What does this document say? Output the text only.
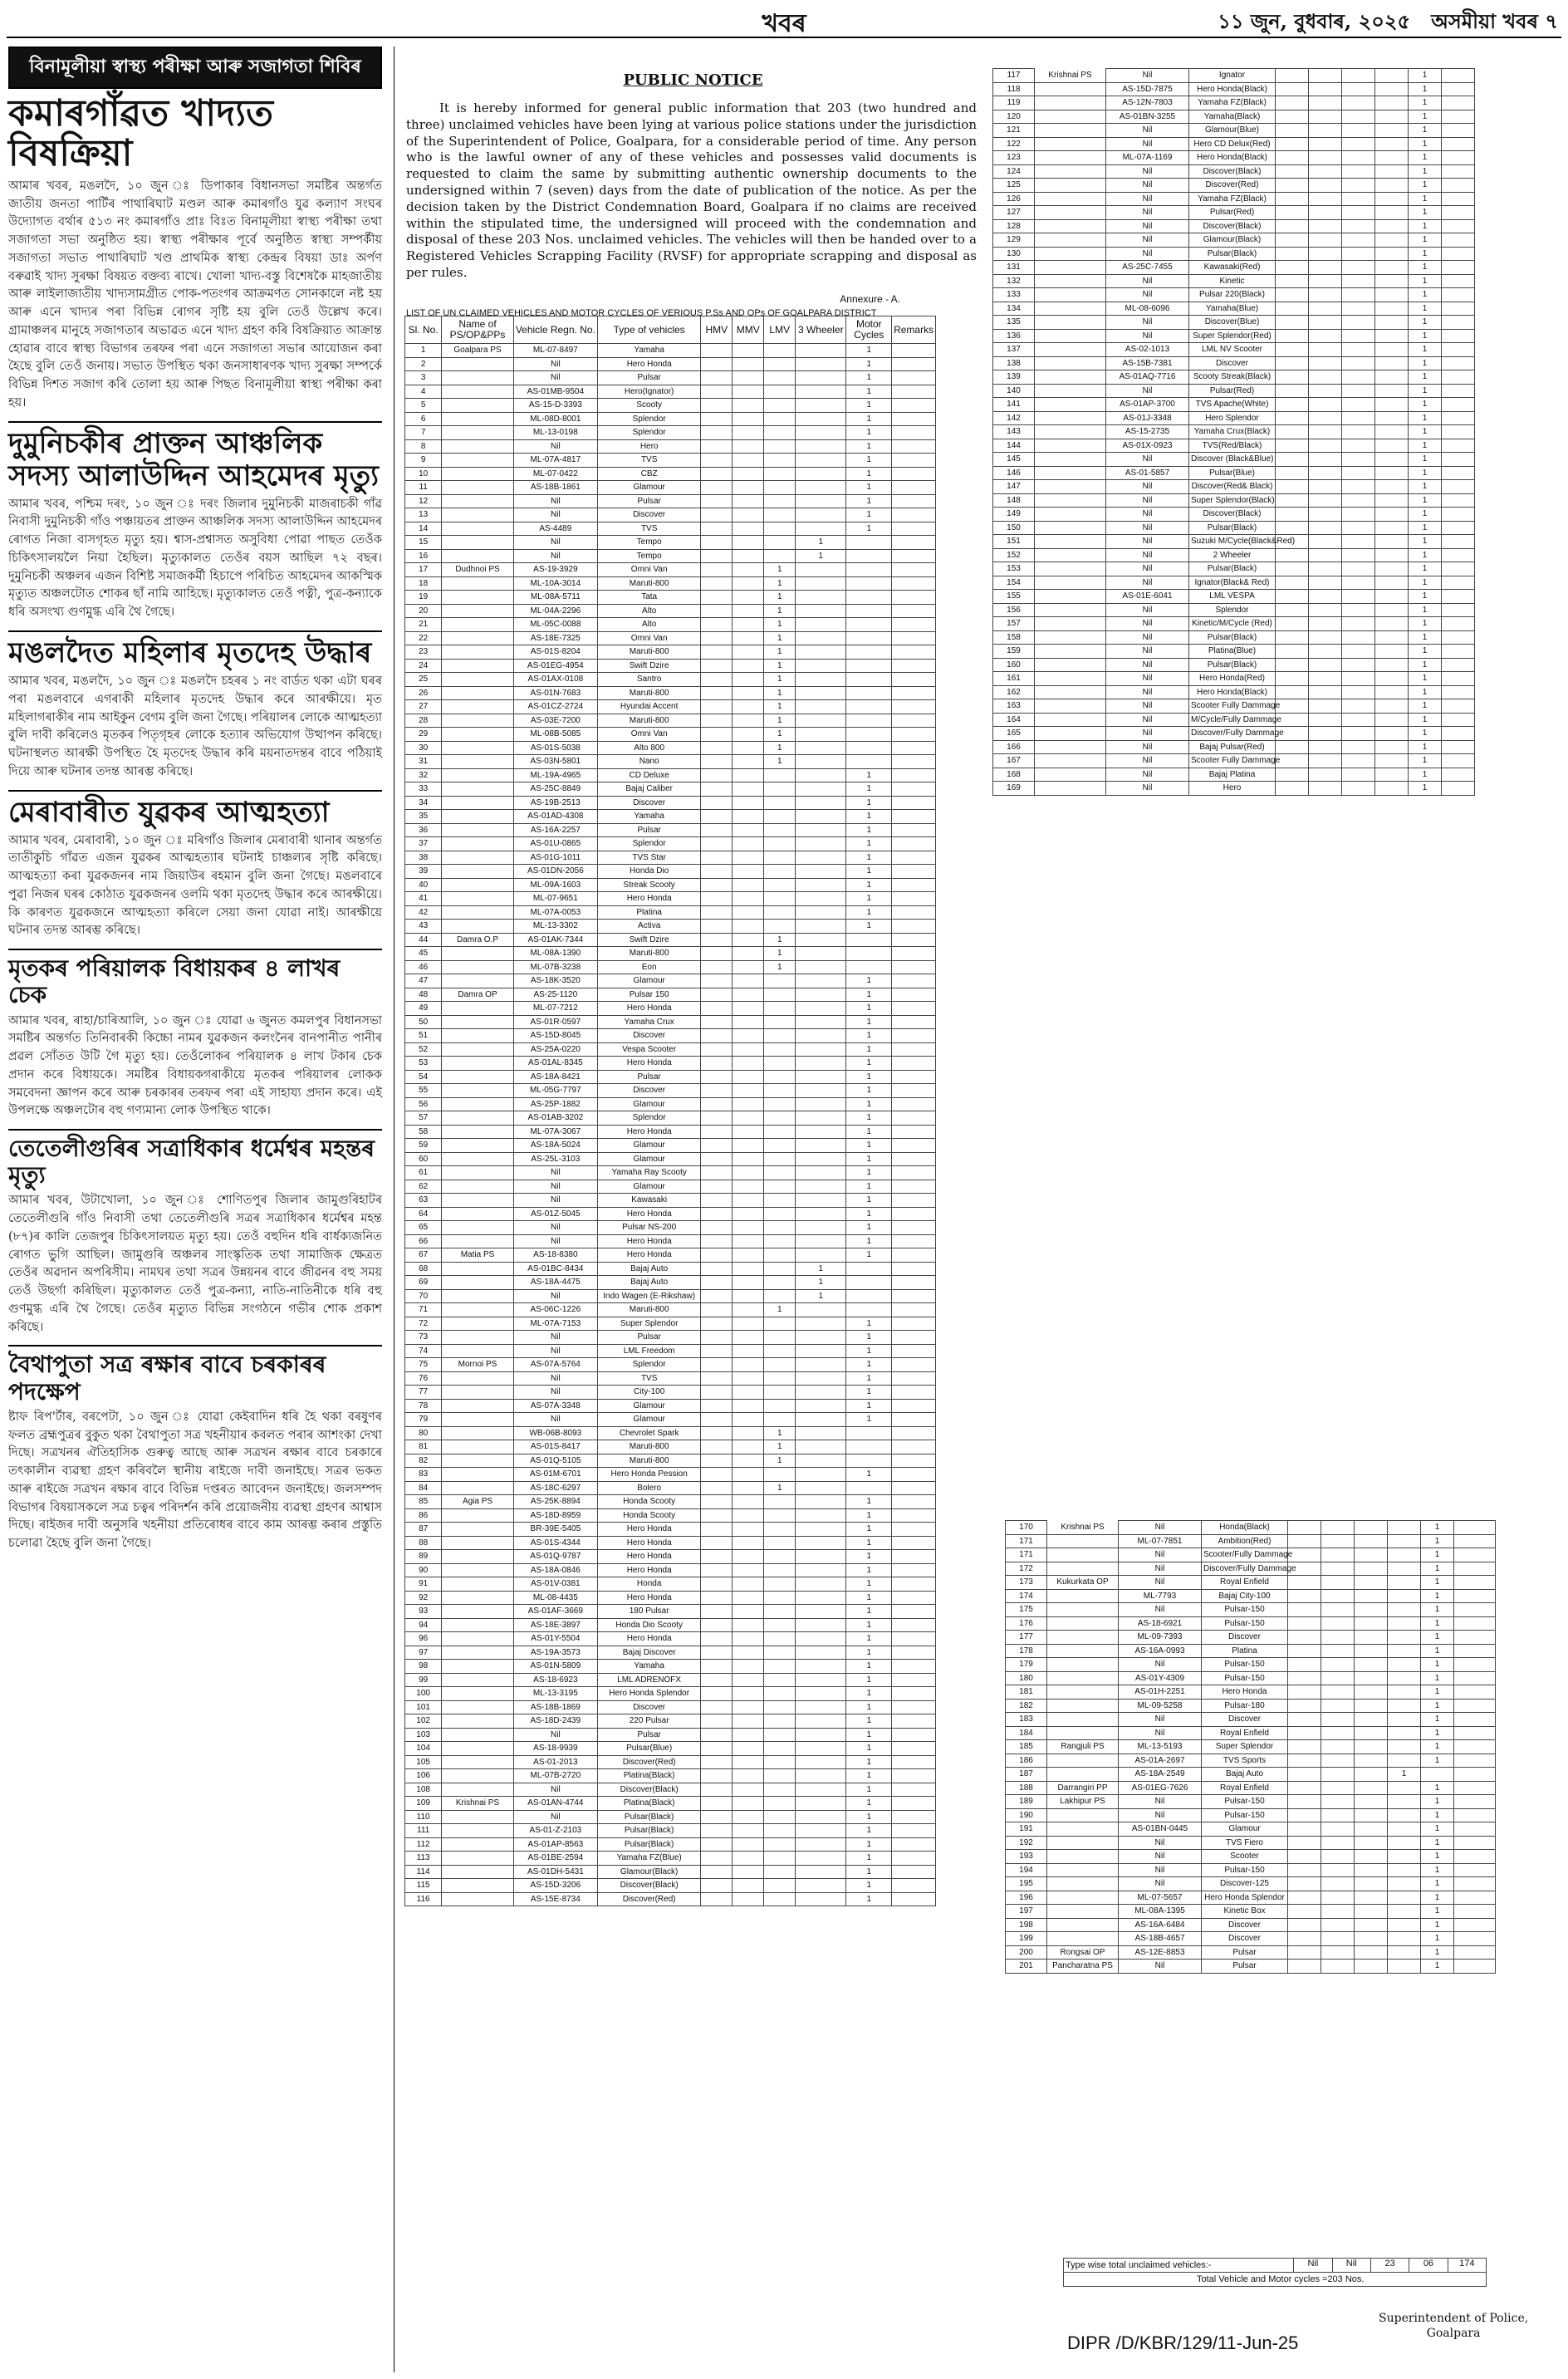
খবৰ	১১ জুন, বুধবাৰ, ২০২৫ অসমীয়া খবৰ ৭
বিনামূলীয়া স্বাস্থ্য পৰীক্ষা আৰু সজাগতা শিবিৰ
কমাৰগাঁৱত খাদ্যত বিষক্ৰিয়া

আমাৰ খবৰ, মঙলদৈ, ১০ জুন ঃ ডিপাকাৰ বিধানসভা সমষ্টিৰ অন্তৰ্গত জাতীয় জনতা পাৰ্টিৰ পাথাৰিঘাট মণ্ডল আৰু কমাৰগাঁও যুৱ কল্যাণ সংঘৰ উদ্যোগত বৰ্থাৰ ৫১৩ নং কমাৰগাঁও প্ৰাঃ বিঃত বিনামূলীয়া স্বাস্থ্য পৰীক্ষা তথা সজাগতা সভা অনুষ্ঠিত হয়। স্বাস্থ্য পৰীক্ষাৰ পূৰ্বে অনুষ্ঠিত স্বাস্থ্য সম্পৰ্কীয় সজাগতা সভাত পাথাৰিঘাট খণ্ড প্ৰাথমিক স্বাস্থ্য কেন্দ্ৰৰ বিষয়া ডাঃ অৰ্পণ বৰুৱাই খাদ্য সুৰক্ষা বিষয়ত বক্তব্য ৰাখে। খোলা খাদ্য-বস্তু বিশেষকৈ মাহজাতীয় আৰু লাইলাজাতীয় খাদ্যসামগ্ৰীত পোক-পতংগৰ আক্ৰমণত সোনকালে নষ্ট হয় আৰু এনে খাদ্যৰ পৰা বিভিন্ন ৰোগৰ সৃষ্টি হয় বুলি তেওঁ উল্লেখ কৰে। গ্ৰামাঞ্চলৰ মানুহে সজাগতাৰ অভাৱত এনে খাদ্য গ্ৰহণ কৰি বিষক্ৰিয়াত আক্ৰান্ত হোৱাৰ বাবে স্বাস্থ্য বিভাগৰ তৰফৰ পৰা এনে সজাগতা সভাৰ আয়োজন কৰা হৈছে বুলি তেওঁ জনায়। সভাত উপস্থিত থকা জনসাধাৰণক খাদ্য সুৰক্ষা সম্পৰ্কে বিভিন্ন দিশত সজাগ কৰি তোলা হয় আৰু পিছত বিনামূলীয়া স্বাস্থ্য পৰীক্ষা কৰা হয়।

দুমুনিচকীৰ প্ৰাক্তন আঞ্চলিক সদস্য আলাউদ্দিন আহমেদৰ মৃত্যু

আমাৰ খবৰ, পশ্চিম দৰং, ১০ জুন ঃ দৰং জিলাৰ দুমুনিচকী মাজৰাচকী গাঁৱ নিবাসী দুমুনিচকী গাঁও পঞ্চায়তৰ প্ৰাক্তন আঞ্চলিক সদস্য আলাউদ্দিন আহমেদৰ ৰোগত নিজা বাসগৃহত মৃত্যু হয়। শ্বাস-প্ৰশ্বাসত অসুবিধা পোৱা পাছত তেওঁক চিকিৎসালয়লৈ নিয়া হৈছিল। মৃত্যুকালত তেওঁৰ বয়স আছিল ৭২ বছৰ। দুমুনিচকী অঞ্চলৰ এজন বিশিষ্ট সমাজকৰ্মী হিচাপে পৰিচিত আহমেদৰ আকস্মিক মৃত্যুত অঞ্চলটোত শোকৰ ছাঁ নামি আহিছে। মৃত্যুকালত তেওঁ পত্নী, পুত্ৰ-কন্যাকে ধৰি অসংখ্য গুণমুগ্ধ এৰি থৈ গৈছে।

মঙলদৈত মহিলাৰ মৃতদেহ উদ্ধাৰ

আমাৰ খবৰ, মঙলদৈ, ১০ জুন ঃ মঙলদৈ চহৰৰ ১ নং বাৰ্ডত থকা এটা ঘৰৰ পৰা মঙলবাৰে এগৰাকী মহিলাৰ মৃতদেহ উদ্ধাৰ কৰে আৰক্ষীয়ে। মৃত মহিলাগৰাকীৰ নাম আইকুন বেগম বুলি জনা গৈছে। পৰিয়ালৰ লোকে আত্মহত্যা বুলি দাবী কৰিলেও মৃতকৰ পিতৃগৃহৰ লোকে হত্যাৰ অভিযোগ উত্থাপন কৰিছে। ঘটনাস্থলত আৰক্ষী উপস্থিত হৈ মৃতদেহ উদ্ধাৰ কৰি ময়নাতদন্তৰ বাবে পঠিয়াই দিয়ে আৰু ঘটনাৰ তদন্ত আৰম্ভ কৰিছে।

মেৰাবাৰীত যুৱকৰ আত্মহত্যা

আমাৰ খবৰ, মেৰাবাৰী, ১০ জুন ঃ মৰিগাঁও জিলাৰ মেৰাবাৰী থানাৰ অন্তৰ্গত তাতীকুচি গাঁৱত এজন যুৱকৰ আত্মহত্যাৰ ঘটনাই চাঞ্চল্যৰ সৃষ্টি কৰিছে। আত্মহত্যা কৰা যুৱকজনৰ নাম জিয়াউৰ ৰহমান বুলি জনা গৈছে। মঙলবাৰে পুৱা নিজৰ ঘৰৰ কোঠাত যুৱকজনৰ ওলমি থকা মৃতদেহ উদ্ধাৰ কৰে আৰক্ষীয়ে। কি কাৰণত যুৱকজনে আত্মহত্যা কৰিলে সেয়া জনা যোৱা নাই। আৰক্ষীয়ে ঘটনাৰ তদন্ত আৰম্ভ কৰিছে।

মৃতকৰ পৰিয়ালক বিধায়কৰ ৪ লাখৰ চেক

আমাৰ খবৰ, ৰাহা/চাৰিআলি, ১০ জুন ঃ যোৱা ৬ জুনত কমলপুৰ বিধানসভা সমষ্টিৰ অন্তৰ্গত তিনিবাৰকী কিচ্চো নামৰ যুৱকজন কলংনৈৰ বানপানীত পানীৰ প্ৰৱল সোঁতত উটি গৈ মৃত্যু হয়। তেওঁলোকৰ পৰিয়ালক ৪ লাখ টকাৰ চেক প্ৰদান কৰে বিধায়কে। সমষ্টিৰ বিধায়কগৰাকীয়ে মৃতকৰ পৰিয়ালৰ লোকক সমবেদনা জ্ঞাপন কৰে আৰু চৰকাৰৰ তৰফৰ পৰা এই সাহায্য প্ৰদান কৰে। এই উপলক্ষে অঞ্চলটোৰ বহু গণ্যমান্য লোক উপস্থিত থাকে।

তেতেলীগুৰিৰ সত্ৰাধিকাৰ ধৰ্মেশ্বৰ মহন্তৰ মৃত্যু

আমাৰ খবৰ, উটাখোলা, ১০ জুন ঃ শোণিতপুৰ জিলাৰ জামুগুৰিহাটৰ তেতেলীগুৰি গাঁও নিবাসী তথা তেতেলীগুৰি সত্ৰৰ সত্ৰাধিকাৰ ধৰ্মেশ্বৰ মহন্ত (৮৭)ৰ কালি তেজপুৰ চিকিৎসালয়ত মৃত্যু হয়। তেওঁ বহুদিন ধৰি বাৰ্ধক্যজনিত ৰোগত ভুগি আছিল। জামুগুৰি অঞ্চলৰ সাংস্কৃতিক তথা সামাজিক ক্ষেত্ৰত তেওঁৰ অৱদান অপৰিসীম। নামঘৰ তথা সত্ৰৰ উন্নয়নৰ বাবে জীৱনৰ বহু সময় তেওঁ উছৰ্গা কৰিছিল। মৃত্যুকালত তেওঁ পুত্ৰ-কন্যা, নাতি-নাতিনীকে ধৰি বহু গুণমুগ্ধ এৰি থৈ গৈছে। তেওঁৰ মৃত্যুত বিভিন্ন সংগঠনে গভীৰ শোক প্ৰকাশ কৰিছে।

বৈথাপুতা সত্ৰ ৰক্ষাৰ বাবে চৰকাৰৰ পদক্ষেপ

ষ্টাফ ৰিপ'ৰ্টাৰ, বৰপেটা, ১০ জুন ঃ যোৱা কেইবাদিন ধৰি হৈ থকা বৰষুণৰ ফলত ব্ৰহ্মপুত্ৰৰ বুকুত থকা বৈথাপুতা সত্ৰ খহনীয়াৰ কবলত পৰাৰ আশংকা দেখা দিছে। সত্ৰখনৰ ঐতিহাসিক গুৰুত্ব আছে আৰু সত্ৰখন ৰক্ষাৰ বাবে চৰকাৰে তৎকালীন ব্যৱস্থা গ্ৰহণ কৰিবলৈ স্থানীয় ৰাইজে দাবী জনাইছে। সত্ৰৰ ভকত আৰু ৰাইজে সত্ৰখন ৰক্ষাৰ বাবে বিভিন্ন দপ্তৰত আবেদন জনাইছে। জলসম্পদ বিভাগৰ বিষয়াসকলে সত্ৰ চত্বৰ পৰিদৰ্শন কৰি প্ৰয়োজনীয় ব্যৱস্থা গ্ৰহণৰ আশ্বাস দিছে। ৰাইজৰ দাবী অনুসৰি খহনীয়া প্ৰতিৰোধৰ বাবে কাম আৰম্ভ কৰাৰ প্ৰস্তুতি চলোৱা হৈছে বুলি জনা গৈছে।

PUBLIC NOTICE

It is hereby informed for general public information that 203 (two hundred and three) unclaimed vehicles have been lying at various police stations under the jurisdiction of the Superintendent of Police, Goalpara, for a considerable period of time. Any person who is the lawful owner of any of these vehicles and possesses valid documents is requested to claim the same by submitting authentic ownership documents to the undersigned within 7 (seven) days from the date of publication of the notice. As per the decision taken by the District Condemnation Board, Goalpara if no claims are received within the stipulated time, the undersigned will proceed with the condemnation and disposal of these 203 Nos. unclaimed vehicles. The vehicles will then be handed over to a Registered Vehicles Scrapping Facility (RVSF) for appropriate scrapping and disposal as per rules.

Annexure - A.
LIST OF UN CLAIMED VEHICLES AND MOTOR CYCLES OF VERIOUS P.Ss AND OPs OF GOALPARA DISTRICT
Sl. No.	Name of PS/OP&PPs	Vehicle Regn. No.	Type of vehicles	HMV	MMV	LMV	3 Wheeler	Motor Cycles	Remarks
1	Goalpara PS	ML-07-8497	Yamaha					1	
2		Nil	Hero Honda					1	
3		Nil	Pulsar					1	
4		AS-01MB-9504	Hero(Ignator)					1	
5		AS-15-D-3393	Scooty					1	
6		ML-08D-8001	Splendor					1	
7		ML-13-0198	Splendor					1	
8		Nil	Hero					1	
9		ML-07A-4817	TVS					1	
10		ML-07-0422	CBZ					1	
11		AS-18B-1861	Glamour					1	
12		Nil	Pulsar					1	
13		Nil	Discover					1	
14		AS-4489	TVS					1	
15		Nil	Tempo				1		
16		Nil	Tempo				1		
17	Dudhnoi PS	AS-19-3929	Omni Van			1			
18		ML-10A-3014	Maruti-800			1			
19		ML-08A-5711	Tata			1			
20		ML-04A-2296	Alto			1			
21		ML-05C-0088	Alto			1			
22		AS-18E-7325	Omni Van			1			
23		AS-01S-8204	Maruti-800			1			
24		AS-01EG-4954	Swift Dzire			1			
25		AS-01AX-0108	Santro			1			
26		AS-01N-7683	Maruti-800			1			
27		AS-01CZ-2724	Hyundai Accent			1			
28		AS-03E-7200	Maruti-800			1			
29		ML-08B-5085	Omni Van			1			
30		AS-01S-5038	Alto 800			1			
31		AS-03N-5801	Nano			1			
32		ML-19A-4965	CD Deluxe					1	
33		AS-25C-8849	Bajaj Caliber					1	
34		AS-19B-2513	Discover					1	
35		AS-01AD-4308	Yamaha					1	
36		AS-16A-2257	Pulsar					1	
37		AS-01U-0865	Splendor					1	
38		AS-01G-1011	TVS Star					1	
39		AS-01DN-2056	Honda Dio					1	
40		ML-09A-1603	Streak Scooty					1	
41		ML-07-9651	Hero Honda					1	
42		ML-07A-0053	Platina					1	
43		ML-13-3302	Activa					1	
44	Damra O.P	AS-01AK-7344	Swift Dzire			1			
45		ML-08A-1390	Maruti-800			1			
46		ML-07B-3238	Eon			1			
47		AS-18K-3520	Glamour					1	
48	Damra OP	AS-25-1120	Pulsar 150					1	
49		ML-07-7212	Hero Honda					1	
50		AS-01R-0597	Yamaha Crux					1	
51		AS-15D-8045	Discover					1	
52		AS-25A-0220	Vespa Scooter					1	
53		AS-01AL-8345	Hero Honda					1	
54		AS-18A-8421	Pulsar					1	
55		ML-05G-7797	Discover					1	
56		AS-25P-1882	Glamour					1	
57		AS-01AB-3202	Splendor					1	
58		ML-07A-3067	Hero Honda					1	
59		AS-18A-5024	Glamour					1	
60		AS-25L-3103	Glamour					1	
61		Nil	Yamaha Ray Scooty					1	
62		Nil	Glamour					1	
63		Nil	Kawasaki					1	
64		AS-01Z-5045	Hero Honda					1	
65		Nil	Pulsar NS-200					1	
66		Nil	Hero Honda					1	
67	Matia PS	AS-18-8380	Hero Honda					1	
68		AS-01BC-8434	Bajaj Auto				1		
69		AS-18A-4475	Bajaj Auto				1		
70		Nil	Indo Wagen (E-Rikshaw)				1		
71		AS-06C-1226	Maruti-800			1			
72		ML-07A-7153	Super Splendor					1	
73		Nil	Pulsar					1	
74		Nil	LML Freedom					1	
75	Mornoi PS	AS-07A-5764	Splendor					1	
76		Nil	TVS					1	
77		Nil	City-100					1	
78		AS-07A-3348	Glamour					1	
79		Nil	Glamour					1	
80		WB-06B-8093	Chevrolet Spark			1			
81		AS-01S-8417	Maruti-800			1			
82		AS-01Q-5105	Maruti-800			1			
83		AS-01M-6701	Hero Honda Pession					1	
84		AS-18C-6297	Bolero			1			
85	Agia PS	AS-25K-8894	Honda Scooty					1	
86		AS-18D-8959	Honda Scooty					1	
87		BR-39E-5405	Hero Honda					1	
88		AS-01S-4344	Hero Honda					1	
89		AS-01Q-9787	Hero Honda					1	
90		AS-18A-0846	Hero Honda					1	
91		AS-01V-0381	Honda					1	
92		ML-08-4435	Hero Honda					1	
93		AS-01AF-3669	180 Pulsar					1	
94		AS-18E-3897	Honda Dio Scooty					1	
96		AS-01Y-5504	Hero Honda					1	
97		AS-19A-3573	Bajaj Discover					1	
98		AS-01N-5809	Yamaha					1	
99		AS-18-6923	LML ADRENOFX					1	
100		ML-13-3195	Hero Honda Splendor					1	
101		AS-18B-1869	Discover					1	
102		AS-18D-2439	220 Pulsar					1	
103		Nil	Pulsar					1	
104		AS-18-9939	Pulsar(Blue)					1	
105		AS-01-2013	Discover(Red)					1	
106		ML-07B-2720	Platina(Black)					1	
108		Nil	Discover(Black)					1	
109	Krishnai PS	AS-01AN-4744	Platina(Black)					1	
110		Nil	Pulsar(Black)					1	
111		AS-01-Z-2103	Pulsar(Black)					1	
112		AS-01AP-8563	Pulsar(Black)					1	
113		AS-01BE-2594	Yamaha FZ(Blue)					1	
114		AS-01DH-5431	Glamour(Black)					1	
115		AS-15D-3206	Discover(Black)					1	
116		AS-15E-8734	Discover(Red)					1	
117	Krishnai PS	Nil	Ignator					1	
118		AS-15D-7875	Hero Honda(Black)					1	
119		AS-12N-7803	Yamaha FZ(Black)					1	
120		AS-01BN-3255	Yamaha(Black)					1	
121		Nil	Glamour(Blue)					1	
122		Nil	Hero CD Delux(Red)					1	
123		ML-07A-1169	Hero Honda(Black)					1	
124		Nil	Discover(Black)					1	
125		Nil	Discover(Red)					1	
126		Nil	Yamaha FZ(Black)					1	
127		Nil	Pulsar(Red)					1	
128		Nil	Discover(Black)					1	
129		Nil	Glamour(Black)					1	
130		Nil	Pulsar(Black)					1	
131		AS-25C-7455	Kawasaki(Red)					1	
132		Nil	Kinetic					1	
133		Nil	Pulsar 220(Black)					1	
134		ML-08-6096	Yamaha(Blue)					1	
135		Nil	Discover(Blue)					1	
136		Nil	Super Splendor(Red)					1	
137		AS-02-1013	LML NV Scooter					1	
138		AS-15B-7381	Discover					1	
139		AS-01AQ-7716	Scooty Streak(Black)					1	
140		Nil	Pulsar(Red)					1	
141		AS-01AP-3700	TVS Apache(White)					1	
142		AS-01J-3348	Hero Splendor					1	
143		AS-15-2735	Yamaha Crux(Black)					1	
144		AS-01X-0923	TVS(Red/Black)					1	
145		Nil	Discover (Black&Blue)					1	
146		AS-01-5857	Pulsar(Blue)					1	
147		Nil	Discover(Red& Black)					1	
148		Nil	Super Splendor(Black)					1	
149		Nil	Discover(Black)					1	
150		Nil	Pulsar(Black)					1	
151		Nil	Suzuki M/Cycle(Black&Red)					1	
152		Nil	2 Wheeler					1	
153		Nil	Pulsar(Black)					1	
154		Nil	Ignator(Black& Red)					1	
155		AS-01E-6041	LML VESPA					1	
156		Nil	Splendor					1	
157		Nil	Kinetic/M/Cycle (Red)					1	
158		Nil	Pulsar(Black)					1	
159		Nil	Platina(Blue)					1	
160		Nil	Pulsar(Black)					1	
161		Nil	Hero Honda(Red)					1	
162		Nil	Hero Honda(Black)					1	
163		Nil	Scooter Fully Dammage					1	
164		Nil	M/Cycle/Fully Dammage					1	
165		Nil	Discover/Fully Dammage					1	
166		Nil	Bajaj Pulsar(Red)					1	
167		Nil	Scooter Fully Dammage					1	
168		Nil	Bajaj Platina					1	
169		Nil	Hero					1	
170	Krishnai PS	Nil	Honda(Black)					1	
171		ML-07-7851	Ambition(Red)					1	
171		Nil	Scooter/Fully Dammage					1	
172		Nil	Discover/Fully Dammage					1	
173	Kukurkata OP	Nil	Royal Enfield					1	
174		ML-7793	Bajaj City-100					1	
175		Nil	Pulsar-150					1	
176		AS-18-6921	Pulsar-150					1	
177		ML-09-7393	Discover					1	
178		AS-16A-0993	Platina					1	
179		Nil	Pulsar-150					1	
180		AS-01Y-4309	Pulsar-150					1	
181		AS-01H-2251	Hero Honda					1	
182		ML-09-5258	Pulsar-180					1	
183		Nil	Discover					1	
184		Nil	Royal Enfield					1	
185	Rangjuli PS	ML-13-5193	Super Splendor					1	
186		AS-01A-2697	TVS Sports					1	
187		AS-18A-2549	Bajaj Auto				1		
188	Darrangiri PP	AS-01EG-7626	Royal Enfield					1	
189	Lakhipur PS	Nil	Pulsar-150					1	
190		Nil	Pulsar-150					1	
191		AS-01BN-0445	Glamour					1	
192		Nil	TVS Fiero					1	
193		Nil	Scooter					1	
194		Nil	Pulsar-150					1	
195		Nil	Discover-125					1	
196		ML-07-5657	Hero Honda Splendor					1	
197		ML-08A-1395	Kinetic Box					1	
198		AS-16A-6484	Discover					1	
199		AS-18B-4657	Discover					1	
200	Rongsai OP	AS-12E-8853	Pulsar					1	
201	Pancharatna PS	Nil	Pulsar					1	
Type wise total unclaimed vehicles:-	Nil	Nil	23	06	174
Total Vehicle and Motor cycles =203 Nos.
DIPR /D/KBR/129/11-Jun-25
Superintendent of Police,
Goalpara
